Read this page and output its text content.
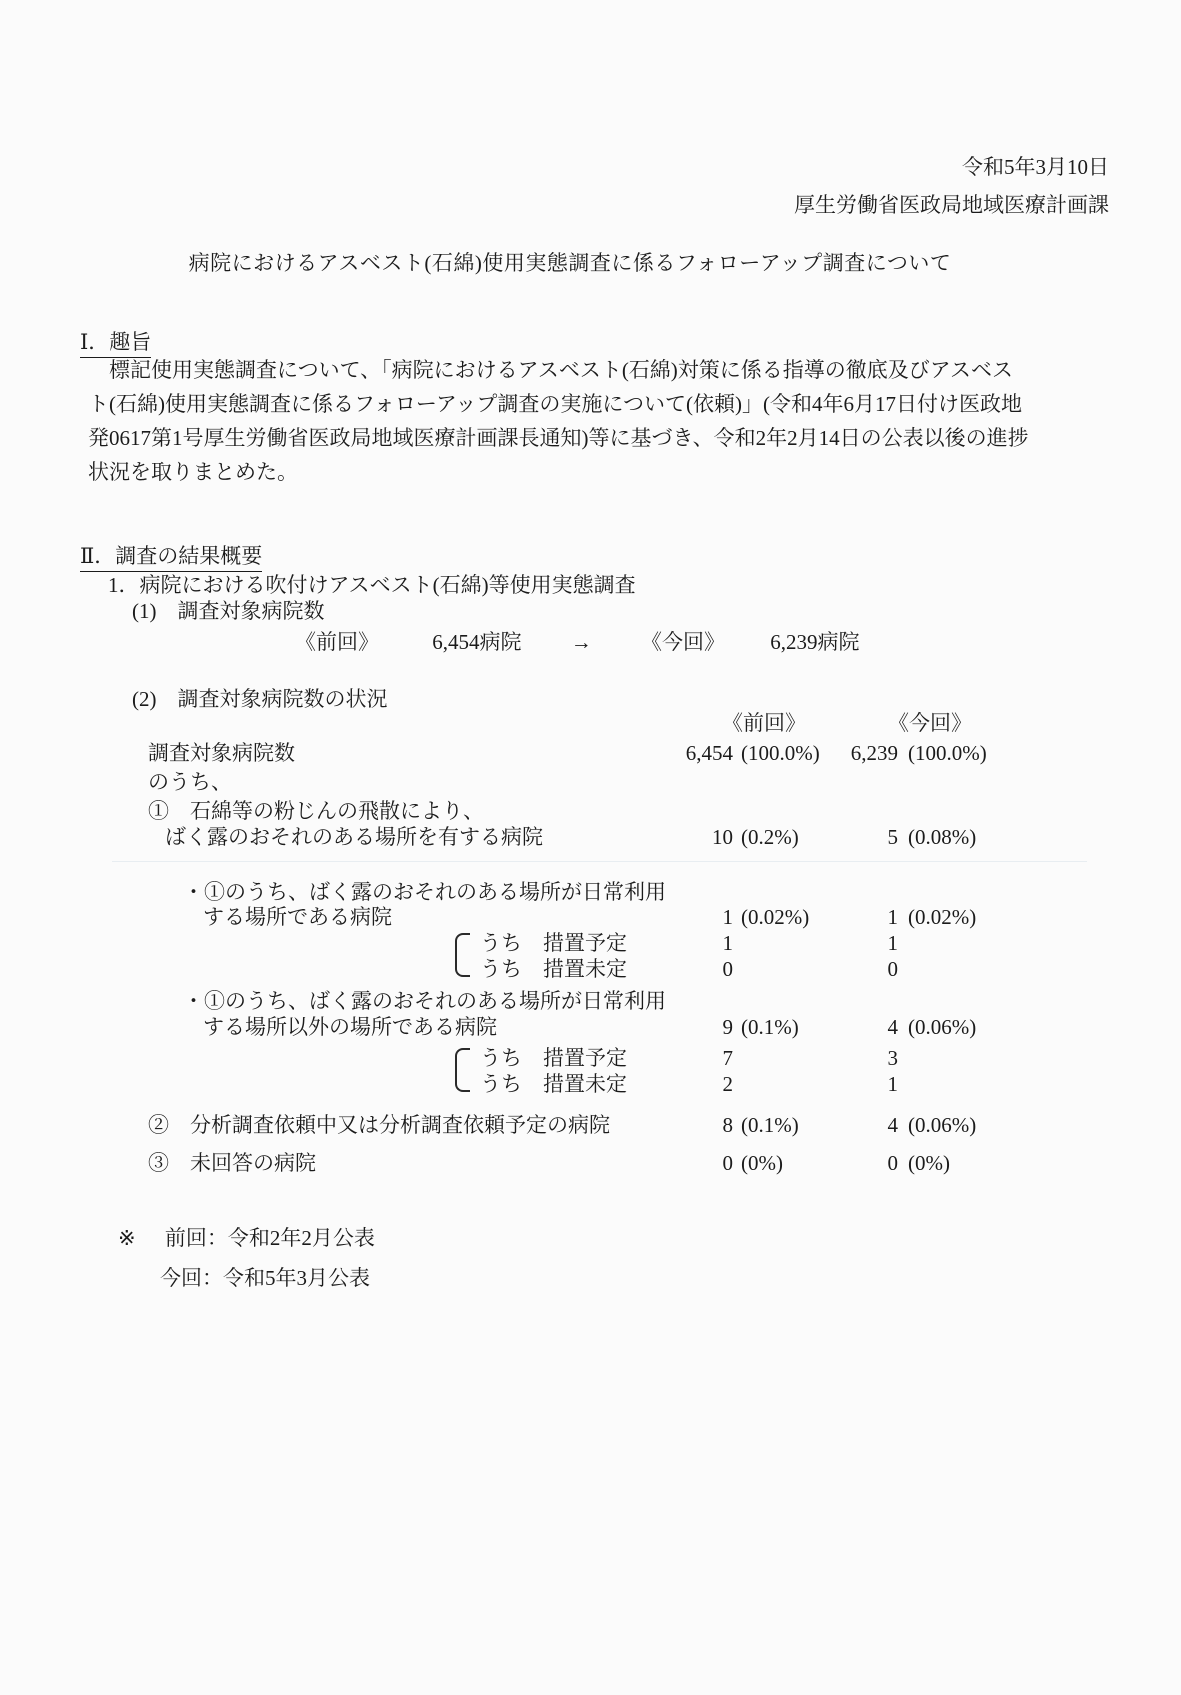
令和5年3月10日
厚生労働省医政局地域医療計画課
病院におけるアスベスト(石綿)使用実態調査に係るフォローアップ調査について
Ⅰ．趣旨
標記使用実態調査について、「病院におけるアスベスト(石綿)対策に係る指導の徹底及びアスベス
ト(石綿)使用実態調査に係るフォローアップ調査の実施について(依頼)」(令和4年6月17日付け医政地
発0617第1号厚生労働省医政局地域医療計画課長通知)等に基づき、令和2年2月14日の公表以後の進捗
状況を取りまとめた。
Ⅱ．調査の結果概要
1．病院における吹付けアスベスト(石綿)等使用実態調査
(1)　調査対象病院数
《前回》	6,454病院 → 《今回》 6,239病院
(2)　調査対象病院数の状況
《前回》	《今回》
調査対象病院数	6,454 (100.0%)	6,239 (100.0%)
のうち、
①　石綿等の粉じんの飛散により、
ばく露のおそれのある場所を有する病院	10 (0.2%)	5 (0.08%)
・①のうち、ばく露のおそれのある場所が日常利用
する場所である病院	1 (0.02%)	1 (0.02%)
うち　措置予定	1	1
うち　措置未定	0	0
・①のうち、ばく露のおそれのある場所が日常利用
する場所以外の場所である病院	9 (0.1%)	4 (0.06%)
うち　措置予定	7	3
うち　措置未定	2	1
②　分析調査依頼中又は分析調査依頼予定の病院	8 (0.1%)	4 (0.06%)
③　未回答の病院	0 (0%)	0 (0%)
※ 前回：令和2年2月公表
今回：令和5年3月公表
